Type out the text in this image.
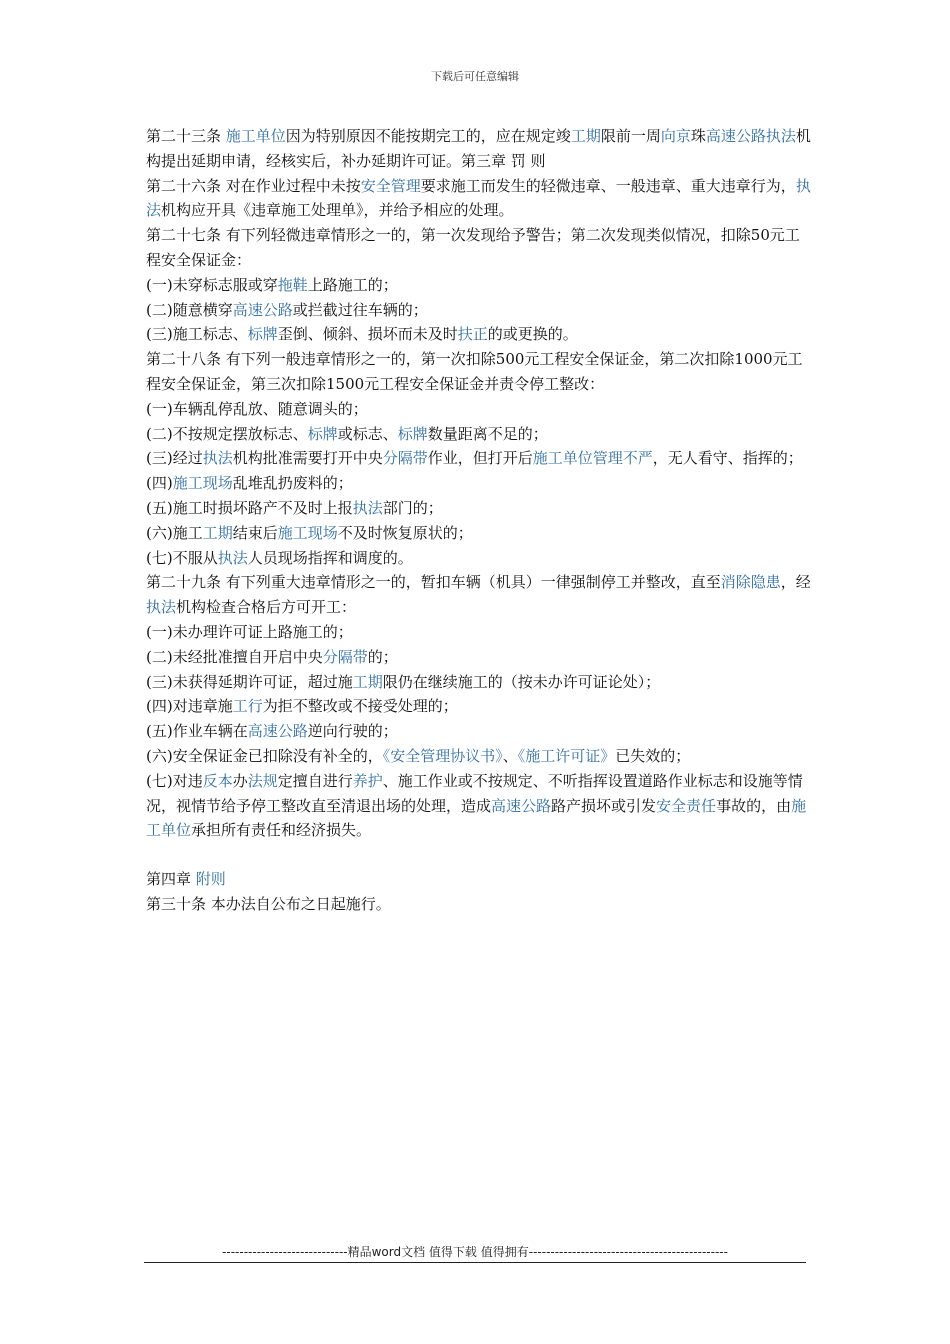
下载后可任意编辑

第二十三条 施工单位因为特别原因不能按期完工的，应在规定竣工期限前一周向京珠高速公路执法机构提出延期申请，经核实后，补办延期许可证。第三章 罚 则

第二十六条 对在作业过程中未按安全管理要求施工而发生的轻微违章、一般违章、重大违章行为，执法机构应开具《违章施工处理单》，并给予相应的处理。

第二十七条 有下列轻微违章情形之一的，第一次发现给予警告；第二次发现类似情况，扣除50元工程安全保证金：

(一)未穿标志服或穿拖鞋上路施工的；

(二)随意横穿高速公路或拦截过往车辆的；

(三)施工标志、标牌歪倒、倾斜、损坏而未及时扶正的或更换的。

第二十八条 有下列一般违章情形之一的，第一次扣除500元工程安全保证金，第二次扣除1000元工程安全保证金，第三次扣除1500元工程安全保证金并责令停工整改：

(一)车辆乱停乱放、随意调头的；

(二)不按规定摆放标志、标牌或标志、标牌数量距离不足的；

(三)经过执法机构批准需要打开中央分隔带作业，但打开后施工单位管理不严，无人看守、指挥的；

(四)施工现场乱堆乱扔废料的；

(五)施工时损坏路产不及时上报执法部门的；

(六)施工工期结束后施工现场不及时恢复原状的；

(七)不服从执法人员现场指挥和调度的。

第二十九条 有下列重大违章情形之一的，暂扣车辆（机具）一律强制停工并整改，直至消除隐患，经执法机构检查合格后方可开工：

(一)未办理许可证上路施工的；

(二)未经批准擅自开启中央分隔带的；

(三)未获得延期许可证，超过施工期限仍在继续施工的（按未办许可证论处）；

(四)对违章施工行为拒不整改或不接受处理的；

(五)作业车辆在高速公路逆向行驶的；

(六)安全保证金已扣除没有补全的，《安全管理协议书》、《施工许可证》已失效的；

(七)对违反本办法规定擅自进行养护、施工作业或不按规定、不听指挥设置道路作业标志和设施等情况，视情节给予停工整改直至清退出场的处理，造成高速公路路产损坏或引发安全责任事故的，由施工单位承担所有责任和经济损失。

第四章 附则

第三十条 本办法自公布之日起施行。

-----------------------------精品word文档 值得下载 值得拥有----------------------------------------------
